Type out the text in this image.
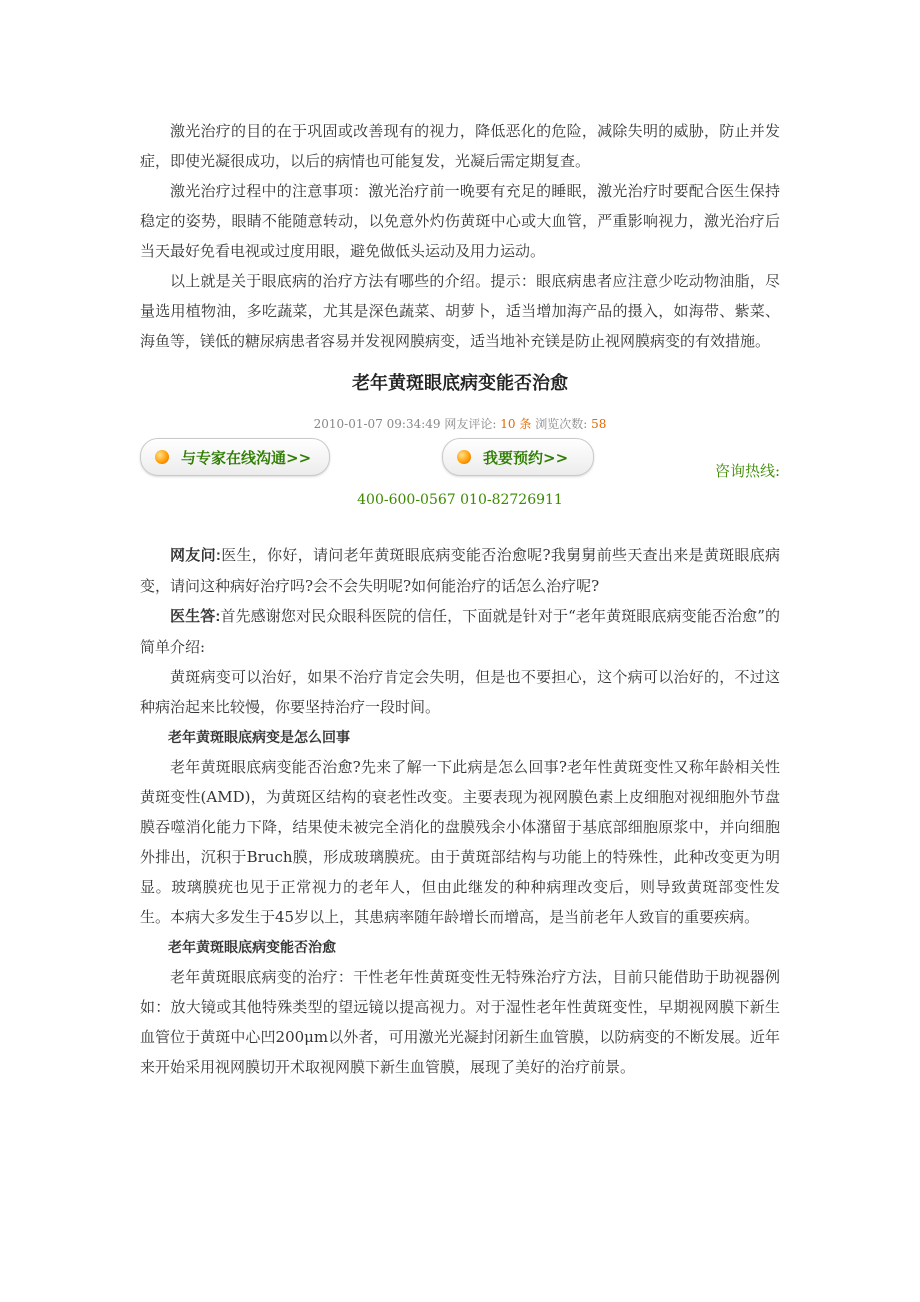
激光治疗的目的在于巩固或改善现有的视力，降低恶化的危险，减除失明的威胁，防止并发症，即使光凝很成功，以后的病情也可能复发，光凝后需定期复查。

激光治疗过程中的注意事项：激光治疗前一晚要有充足的睡眠，激光治疗时要配合医生保持稳定的姿势，眼睛不能随意转动，以免意外灼伤黄斑中心或大血管，严重影响视力，激光治疗后当天最好免看电视或过度用眼，避免做低头运动及用力运动。

以上就是关于眼底病的治疗方法有哪些的介绍。提示：眼底病患者应注意少吃动物油脂，尽量选用植物油，多吃蔬菜，尤其是深色蔬菜、胡萝卜，适当增加海产品的摄入，如海带、紫菜、海鱼等，镁低的糖尿病患者容易并发视网膜病变，适当地补充镁是防止视网膜病变的有效措施。

老年黄斑眼底病变能否治愈
2010-01-07 09:34:49 网友评论: 10 条 浏览次数: 58
与专家在线沟通>>	我要预约>>
咨询热线:
400-600-0567 010-82726911

网友问:医生，你好，请问老年黄斑眼底病变能否治愈呢?我舅舅前些天查出来是黄斑眼底病变，请问这种病好治疗吗?会不会失明呢?如何能治疗的话怎么治疗呢?

医生答:首先感谢您对民众眼科医院的信任，下面就是针对于“老年黄斑眼底病变能否治愈”的简单介绍:

黄斑病变可以治好，如果不治疗肯定会失明，但是也不要担心，这个病可以治好的，不过这种病治起来比较慢，你要坚持治疗一段时间。

老年黄斑眼底病变是怎么回事

老年黄斑眼底病变能否治愈?先来了解一下此病是怎么回事?老年性黄斑变性又称年龄相关性黄斑变性(AMD)，为黄斑区结构的衰老性改变。主要表现为视网膜色素上皮细胞对视细胞外节盘膜吞噬消化能力下降，结果使未被完全消化的盘膜残余小体潴留于基底部细胞原浆中，并向细胞外排出，沉积于Bruch膜，形成玻璃膜疣。由于黄斑部结构与功能上的特殊性，此种改变更为明显。玻璃膜疣也见于正常视力的老年人，但由此继发的种种病理改变后，则导致黄斑部变性发生。本病大多发生于45岁以上，其患病率随年龄增长而增高，是当前老年人致盲的重要疾病。

老年黄斑眼底病变能否治愈

老年黄斑眼底病变的治疗：干性老年性黄斑变性无特殊治疗方法，目前只能借助于助视器例如：放大镜或其他特殊类型的望远镜以提高视力。对于湿性老年性黄斑变性，早期视网膜下新生血管位于黄斑中心凹200μm以外者，可用激光光凝封闭新生血管膜，以防病变的不断发展。近年来开始采用视网膜切开术取视网膜下新生血管膜，展现了美好的治疗前景。
